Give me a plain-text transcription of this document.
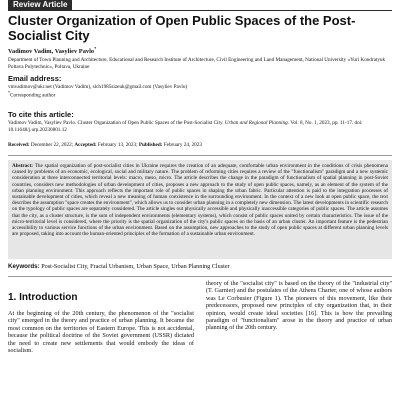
Review Article
Cluster Organization of Open Public Spaces of the Post-Socialist City
Vadimov Vadim, Vasyliev Pavlo*
Department of Town Planning and Architecture, Educational and Research Institute of Architecture, Civil Engineering and Land Management, National University «Yuri Kondratyuk Poltava Polytechnic», Poltava, Ukraine
Email address:
vmvadimov@ukr.net (Vadimov Vadim), slch1985sizeuk@gmail.com (Vasyliev Pavlo)
*Corresponding author
To cite this article:
Vadimov Vadim, Vasyliev Pavlo. Cluster Organization of Open Public Spaces of the Post-Socialist City. Urban and Regional Planning. Vol. 8, No. 1, 2023, pp. 11-17. doi: 10.11648/j.urp.20230801.12
Received: December 22, 2022; Accepted: February 13, 2023; Published: February 24, 2023
Abstract: The spatial organization of post-socialist cities in Ukraine requires the creation of an adequate, comfortable urban environment in the conditions of crisis phenomena caused by problems of an economic, ecological, social and military nature. The problem of reforming cities requires a review of the "functionalism" paradigm and a new systemic consideration at three interconnected territorial levels: macro, meso, micro. The article describes the change in the paradigm of functionalism of spatial planning in post-Soviet countries, considers new methodologies of urban development of cities, proposes a new approach to the study of open public spaces, namely, as an element of the system of the urban planning environment. This approach reflects the important role of public spaces in shaping the urban fabric. Particular attention is paid to the integration processes of sustainable development of cities, which reveal a new meaning of human coexistence in the surrounding environment. In the context of a new look at open public space, the text describes the assumption "space creates the environment", which allows us to consider urban planning in a completely new dimension. The latest developments in scientific research on the typology of public spaces are separately considered. The article singles out physically accessible and physically inaccessible categories of public spaces. The article assumes that the city, as a cluster structure, is the sum of independent environments (elementary systems), which consist of public spaces united by certain characteristics. The issue of the micro-territorial level is considered, where the priority is the spatial organization of the city's public spaces on the basis of an urban cluster. An important feature is the pedestrian accessibility to various service functions of the urban environment. Based on the assumption, new approaches to the study of open public spaces at different urban planning levels are proposed, taking into account the human-oriented principles of the formation of a sustainable urban environment.
Keywords: Post-Socialist City, Fractal Urbanism, Urban Space, Urban Planning Cluster
1. Introduction
At the beginning of the 20th century, the phenomenon of the "socialist city" emerged in the theory and practice of urban planning. It became the most common on the territories of Eastern Europe. This is not accidental, because the political doctrine of the Soviet government (USSR) dictated the need to create new settlements that would embody the ideas of socialism.
theory of the "socialist city" is based on the theory of the "industrial city" (T. Garnier) and the postulates of the Athens Charter, one of whose authors was Le Corbusier (Figure 1). The pioneers of this movement, like their predecessors, proposed new principles of city organization that, in their opinion, would create ideal societies [16]. This is how the prevailing paradigm of "functionalism" arose in the theory and practice of urban planning of the 20th century.
